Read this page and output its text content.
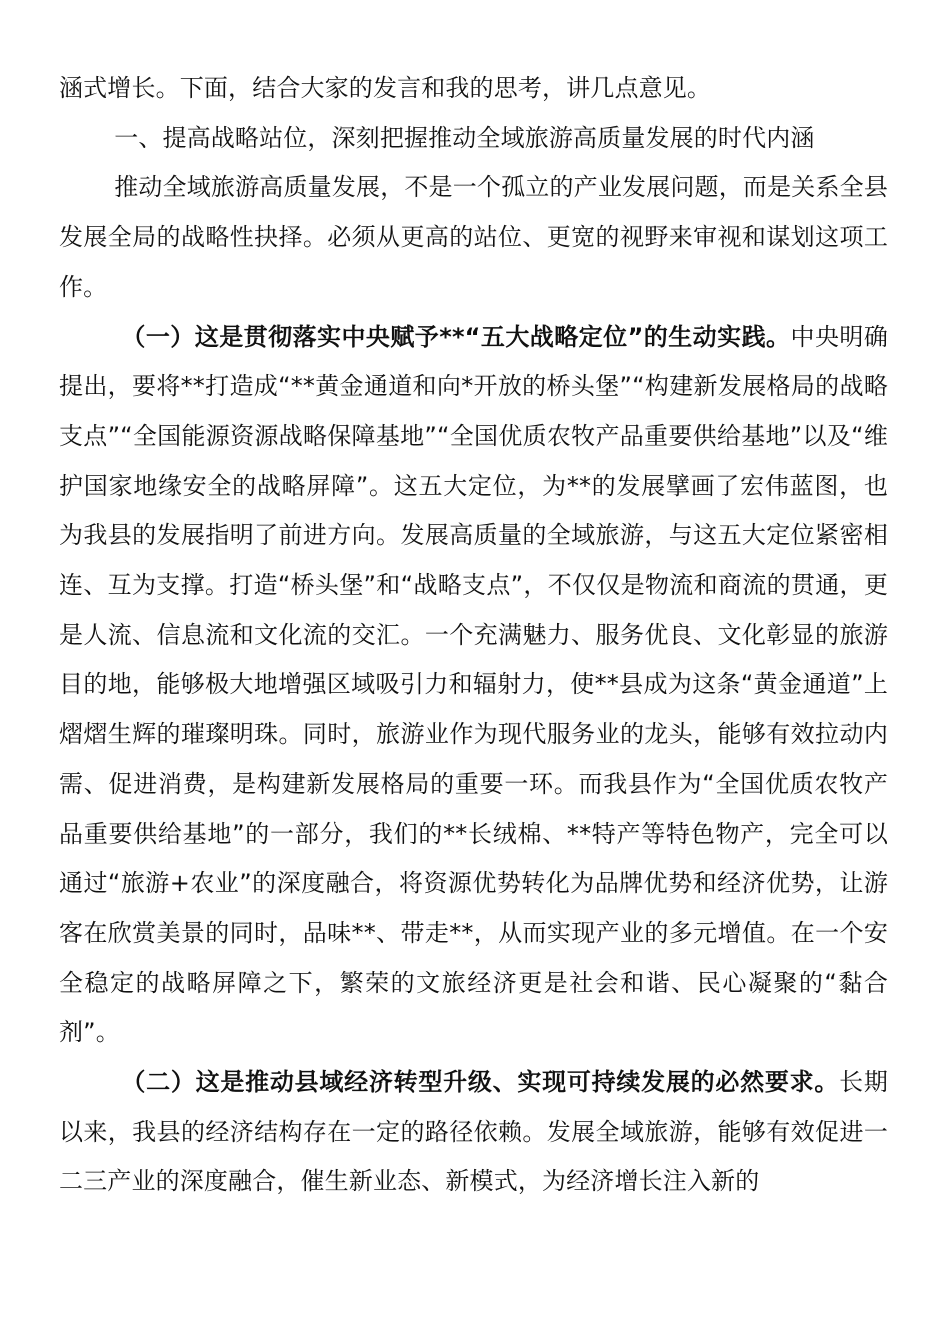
涵式增长。下面，结合大家的发言和我的思考，讲几点意见。

一、提高战略站位，深刻把握推动全域旅游高质量发展的时代内涵

推动全域旅游高质量发展，不是一个孤立的产业发展问题，而是关系全县发展全局的战略性抉择。必须从更高的站位、更宽的视野来审视和谋划这项工作。

（一）这是贯彻落实中央赋予**“五大战略定位”的生动实践。中央明确提出，要将**打造成“**黄金通道和向*开放的桥头堡”“构建新发展格局的战略支点”“全国能源资源战略保障基地”“全国优质农牧产品重要供给基地”以及“维护国家地缘安全的战略屏障”。这五大定位，为**的发展擘画了宏伟蓝图，也为我县的发展指明了前进方向。发展高质量的全域旅游，与这五大定位紧密相连、互为支撑。打造“桥头堡”和“战略支点”，不仅仅是物流和商流的贯通，更是人流、信息流和文化流的交汇。一个充满魅力、服务优良、文化彰显的旅游目的地，能够极大地增强区域吸引力和辐射力，使**县成为这条“黄金通道”上熠熠生辉的璀璨明珠。同时，旅游业作为现代服务业的龙头，能够有效拉动内需、促进消费，是构建新发展格局的重要一环。而我县作为“全国优质农牧产品重要供给基地”的一部分，我们的**长绒棉、**特产等特色物产，完全可以通过“旅游+农业”的深度融合，将资源优势转化为品牌优势和经济优势，让游客在欣赏美景的同时，品味**、带走**，从而实现产业的多元增值。在一个安全稳定的战略屏障之下，繁荣的文旅经济更是社会和谐、民心凝聚的“黏合剂”。

（二）这是推动县域经济转型升级、实现可持续发展的必然要求。长期以来，我县的经济结构存在一定的路径依赖。发展全域旅游，能够有效促进一二三产业的深度融合，催生新业态、新模式，为经济增长注入新的
